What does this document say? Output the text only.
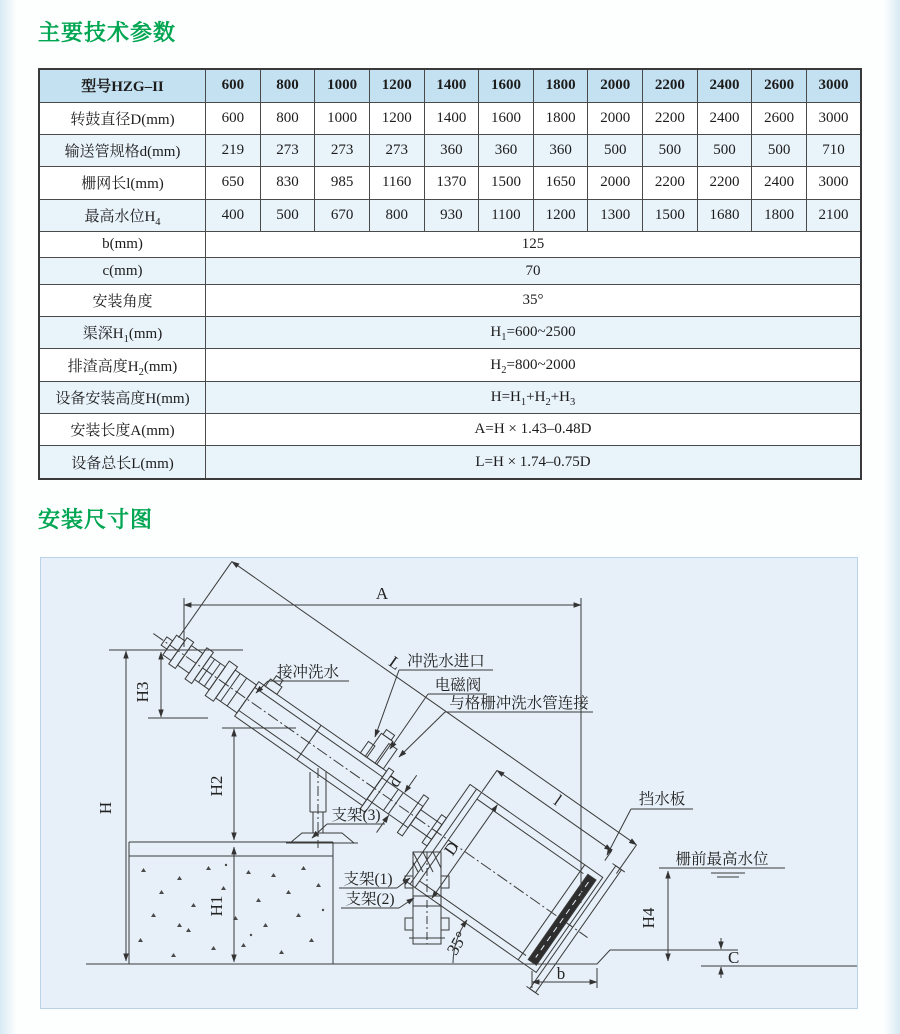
主要技术参数
型号HZG–II	600	800	1000	1200	1400	1600	1800	2000	2200	2400	2600	3000
转鼓直径D(mm)	600	800	1000	1200	1400	1600	1800	2000	2200	2400	2600	3000
输送管规格d(mm)	219	273	273	273	360	360	360	500	500	500	500	710
栅网长l(mm)	650	830	985	1160	1370	1500	1650	2000	2200	2200	2400	3000
最高水位$H_4$	400	500	670	800	930	1100	1200	1300	1500	1680	1800	2100
b(mm)	125											
c(mm)	70											
安装角度	35°											
渠深$H_1(mm)$	$H_1=600\sim 2500$											
排渣高度$H_2(mm)$	$H_2=800\sim 2000$											
设备安装高度H(mm)	$H=H_1+H_2+H_3$
安装长度A(mm)	A=H × 1.43–0.48D											
设备总长L(mm)	L=H × 1.74–0.75D											
安装尺寸图
A
H
H3
H2
H1
H4
b
C
35°
L
l
D
d
接冲洗水
冲洗水进口
电磁阀
与格栅冲洗水管连接
支架(3)
支架(1)
支架(2)
挡水板
栅前最高水位
